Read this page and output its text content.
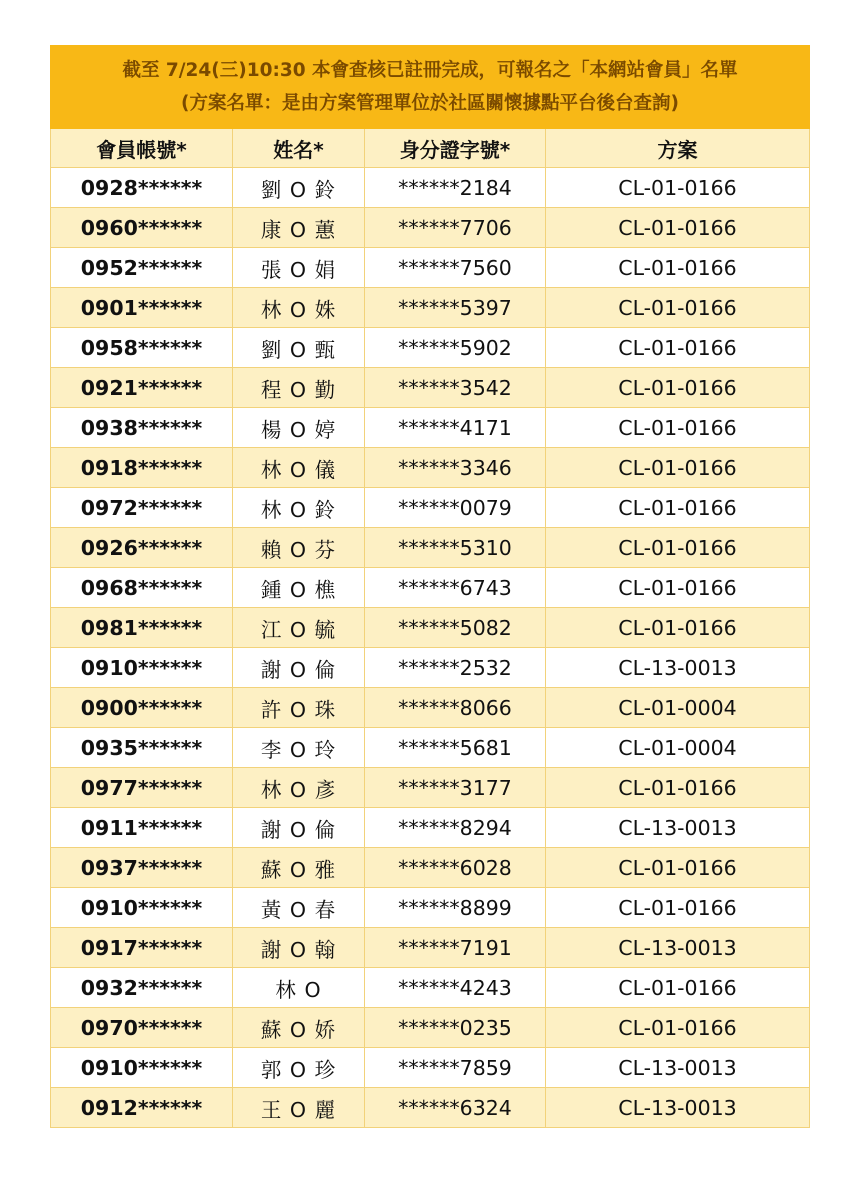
截至 7/24(三)10:30 本會查核已註冊完成，可報名之「本網站會員」名單
(方案名單：是由方案管理單位於社區關懷據點平台後台查詢)			

會員帳號*	姓名*	身分證字號*	方案
0928******	劉 O 鈴	******2184	CL-01-0166
0960******	康 O 蕙	******7706	CL-01-0166
0952******	張 O 娟	******7560	CL-01-0166
0901******	林 O 姝	******5397	CL-01-0166
0958******	劉 O 甄	******5902	CL-01-0166
0921******	程 O 勤	******3542	CL-01-0166
0938******	楊 O 婷	******4171	CL-01-0166
0918******	林 O 儀	******3346	CL-01-0166
0972******	林 O 鈴	******0079	CL-01-0166
0926******	賴 O 芬	******5310	CL-01-0166
0968******	鍾 O 樵	******6743	CL-01-0166
0981******	江 O 毓	******5082	CL-01-0166
0910******	謝 O 倫	******2532	CL-13-0013
0900******	許 O 珠	******8066	CL-01-0004
0935******	李 O 玲	******5681	CL-01-0004
0977******	林 O 彥	******3177	CL-01-0166
0911******	謝 O 倫	******8294	CL-13-0013
0937******	蘇 O 雅	******6028	CL-01-0166
0910******	黃 O 春	******8899	CL-01-0166
0917******	謝 O 翰	******7191	CL-13-0013
0932******	林 O	******4243	CL-01-0166
0970******	蘇 O 娇	******0235	CL-01-0166
0910******	郭 O 珍	******7859	CL-13-0013
0912******	王 O 麗	******6324	CL-13-0013
